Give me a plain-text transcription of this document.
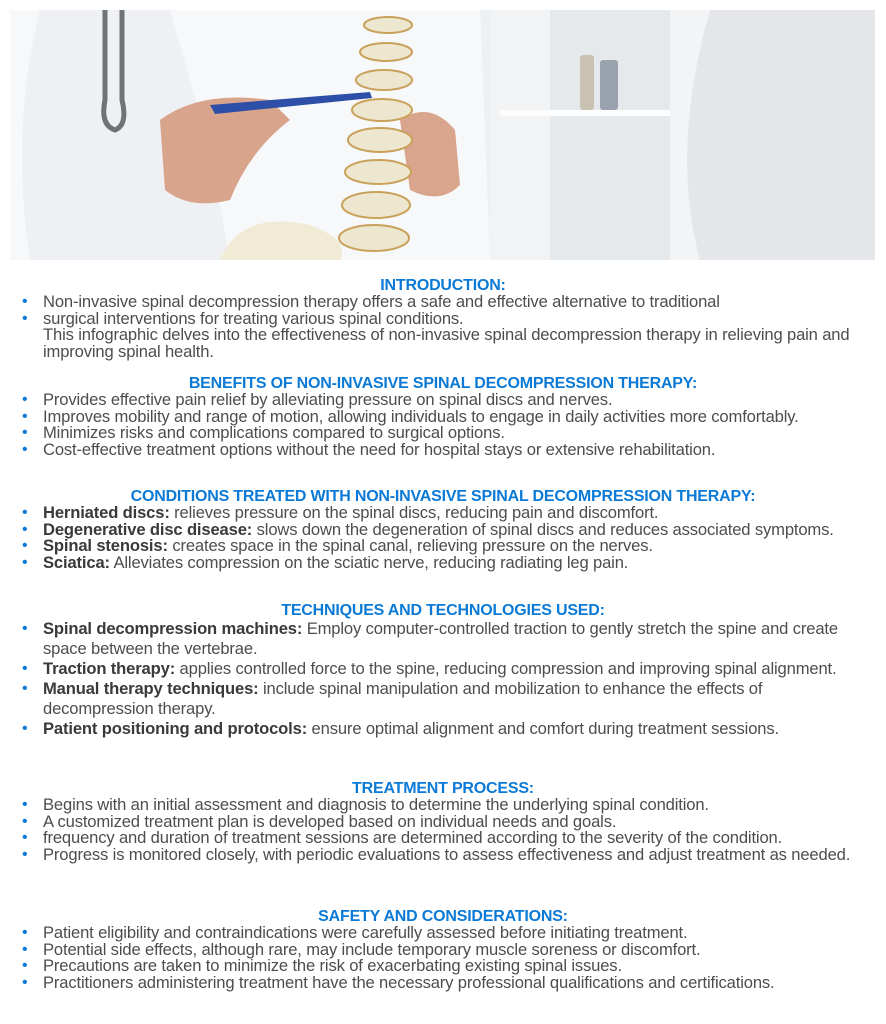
INTRODUCTION:
• Non-invasive spinal decompression therapy offers a safe and effective alternative to traditional
• surgical interventions for treating various spinal conditions.
This infographic delves into the effectiveness of non-invasive spinal decompression therapy in relieving pain and improving spinal health.
BENEFITS OF NON-INVASIVE SPINAL DECOMPRESSION THERAPY:
• Provides effective pain relief by alleviating pressure on spinal discs and nerves.
• Improves mobility and range of motion, allowing individuals to engage in daily activities more comfortably.
• Minimizes risks and complications compared to surgical options.
• Cost-effective treatment options without the need for hospital stays or extensive rehabilitation.
CONDITIONS TREATED WITH NON-INVASIVE SPINAL DECOMPRESSION THERAPY:
• Herniated discs: relieves pressure on the spinal discs, reducing pain and discomfort.
• Degenerative disc disease: slows down the degeneration of spinal discs and reduces associated symptoms.
• Spinal stenosis: creates space in the spinal canal, relieving pressure on the nerves.
• Sciatica: Alleviates compression on the sciatic nerve, reducing radiating leg pain.
TECHNIQUES AND TECHNOLOGIES USED:
• Spinal decompression machines: Employ computer-controlled traction to gently stretch the spine and create space between the vertebrae.
• Traction therapy: applies controlled force to the spine, reducing compression and improving spinal alignment.
• Manual therapy techniques: include spinal manipulation and mobilization to enhance the effects of decompression therapy.
• Patient positioning and protocols: ensure optimal alignment and comfort during treatment sessions.
TREATMENT PROCESS:
• Begins with an initial assessment and diagnosis to determine the underlying spinal condition.
• A customized treatment plan is developed based on individual needs and goals.
• frequency and duration of treatment sessions are determined according to the severity of the condition.
• Progress is monitored closely, with periodic evaluations to assess effectiveness and adjust treatment as needed.
SAFETY AND CONSIDERATIONS:
• Patient eligibility and contraindications were carefully assessed before initiating treatment.
• Potential side effects, although rare, may include temporary muscle soreness or discomfort.
• Precautions are taken to minimize the risk of exacerbating existing spinal issues.
• Practitioners administering treatment have the necessary professional qualifications and certifications.
